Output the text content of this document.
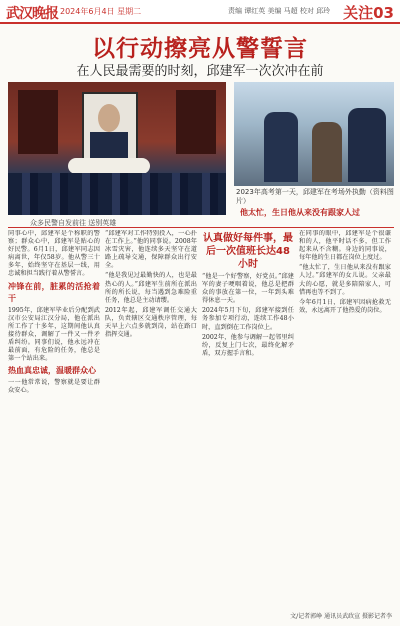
武汉晚报 2024年6月4日 星期二	责编 谭红英 美编 马超 校对 邱玲 关注03
以行动擦亮从警誓言
在人民最需要的时刻，邱建军一次次冲在前
众多民警自发前往 送别英雄
2023年高考第一天，邱建军在考场外执勤（资料图片）
他太忙，生日他从来没有跟家人过

同事心中，邱建军是个称职的警察；群众心中，邱建军是贴心的好民警。6月1日，邱建军同志因病离世，年仅58岁。他从警三十多年，始终坚守在基层一线，用忠诚和担当践行着从警誓言。

冲锋在前，脏累的活抢着干

1995年，邱建军毕业后分配到武汉市公安局江汉分局，他在派出所工作了十多年，这期间他认真接待群众，调解了一件又一件矛盾纠纷。同事们说，他永远冲在最前面，有危险的任务，他总是第一个站出来。

热血真忠诚，温暖群众心

一一他常常说，警察就是要让群众安心。

“邱建军对工作特别投入，一心扑在工作上。”他的同事说。2008年冰雪灾害，他连续多天坚守在道路上疏导交通，保障群众出行安全。

“他是我见过最勤快的人，也是最热心的人。”邱建军生前所在派出所的所长说，每当遇到急难险重任务，他总是主动请缨。

2012年起，邱建军调任交通大队，负责辖区交通秩序管理，每天早上六点多就到岗，站在路口指挥交通。

认真做好每件事，最后一次值班长达48小时

“他是一个好警察，好党员。”邱建军的妻子哽咽着说，他总是把群众的事放在第一位，一年到头难得休息一天。

2024年5月下旬，邱建军接到任务参加专项行动，连续工作48小时，直到倒在工作岗位上。

2002年，他参与调解一起邻里纠纷，反复上门七次，最终化解矛盾，双方握手言和。

在同事的眼中，邱建军是个很谦和的人，他平时话不多，但工作起来从不含糊。身边的同事说，每年他的生日都在岗位上度过。

“他太忙了，生日他从来没有跟家人过。”邱建军的女儿说。父亲最大的心愿，就是多陪陪家人，可惜再也等不到了。

今年6月1日，邱建军因病抢救无效，永远离开了他热爱的岗位。

文/记者郭峥 通讯员武政宣 摄影记者李
